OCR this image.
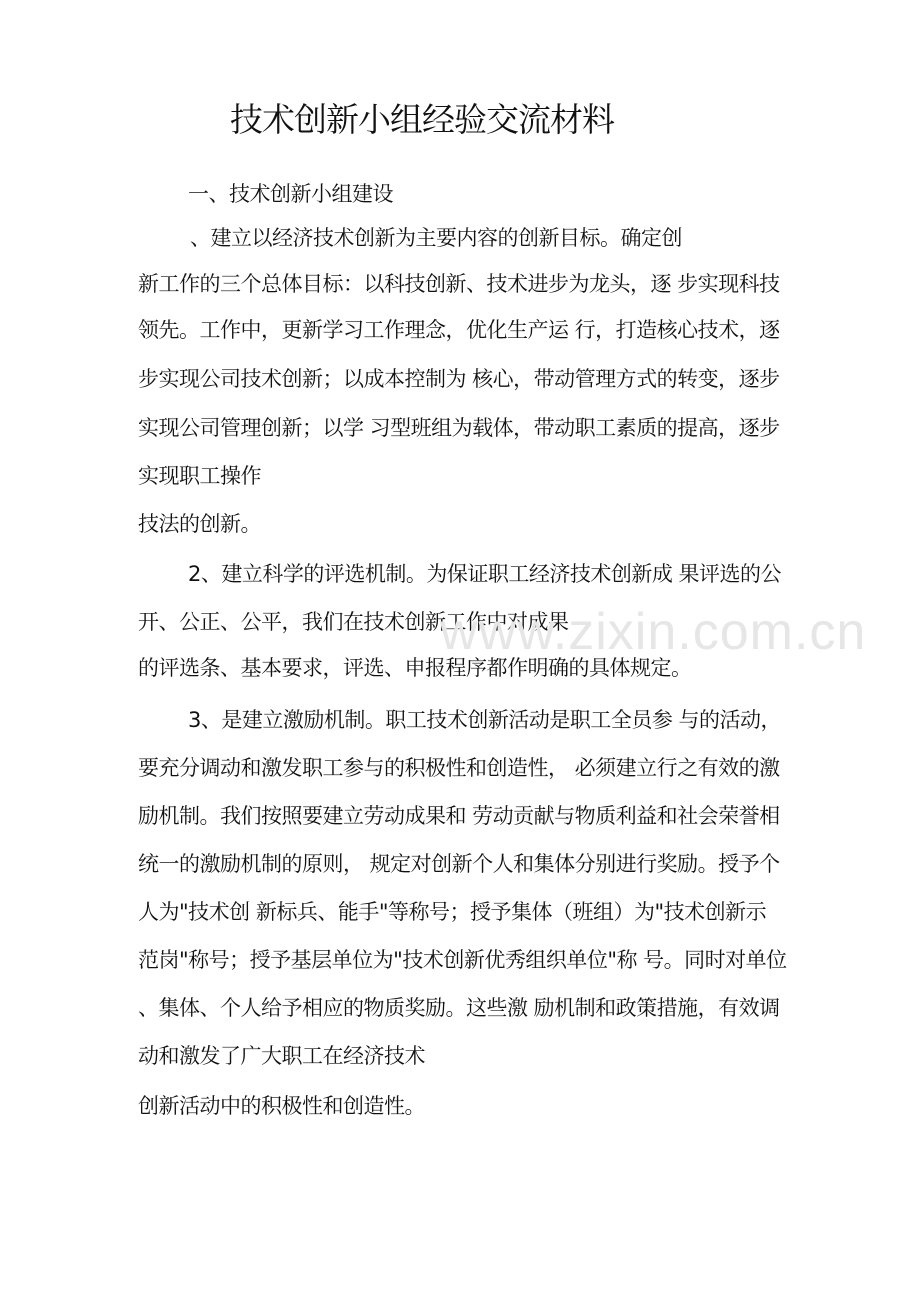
技术创新小组经验交流材料
一、技术创新小组建设
、建立以经济技术创新为主要内容的创新目标。确定创
新工作的三个总体目标：以科技创新、技术进步为龙头，逐 步实现科技
领先。工作中，更新学习工作理念，优化生产运 行，打造核心技术，逐
步实现公司技术创新；以成本控制为 核心，带动管理方式的转变，逐步
实现公司管理创新；以学 习型班组为载体，带动职工素质的提高，逐步
实现职工操作
技法的创新。
2、建立科学的评选机制。为保证职工经济技术创新成 果评选的公
开、公正、公平，我们在技术创新工作中对成果
的评选条、基本要求，评选、申报程序都作明确的具体规定。
3、是建立激励机制。职工技术创新活动是职工全员参 与的活动，
要充分调动和激发职工参与的积极性和创造性， 必须建立行之有效的激
励机制。我们按照要建立劳动成果和 劳动贡献与物质利益和社会荣誉相
统一的激励机制的原则， 规定对创新个人和集体分别进行奖励。授予个
人为"技术创 新标兵、能手"等称号；授予集体（班组）为"技术创新示
范岗"称号；授予基层单位为"技术创新优秀组织单位"称 号。同时对单位
、集体、个人给予相应的物质奖励。这些激 励机制和政策措施，有效调
动和激发了广大职工在经济技术
创新活动中的积极性和创造性。
www.zixin.com.cn
